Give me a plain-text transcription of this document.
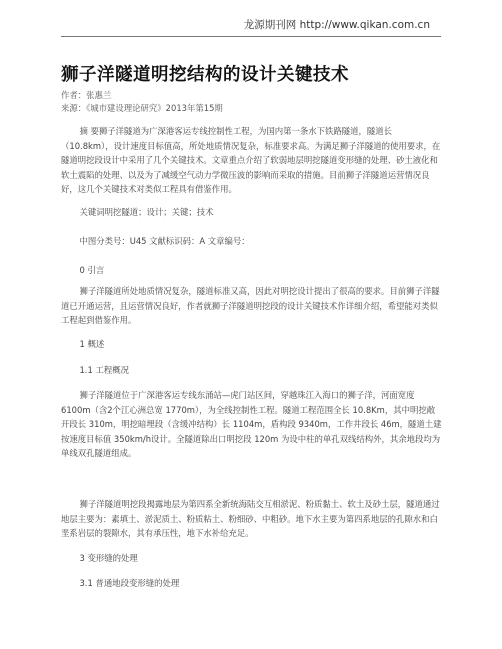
龙源期刊网 http://www.qikan.com.cn
狮子洋隧道明挖结构的设计关键技术

作者：张惠兰

来源：《城市建设理论研究》2013年第15期

摘 要狮子洋隧道为广深港客运专线控制性工程，为国内第一条水下铁路隧道，隧道长（10.8km），设计速度目标值高，所处地质情况复杂，标准要求高。为满足狮子洋隧道的使用要求，在隧道明挖段设计中采用了几个关键技术。文章重点介绍了软弱地层明挖隧道变形缝的处理、砂土液化和软土震陷的处理、以及为了减缓空气动力学微压波的影响而采取的措施。目前狮子洋隧道运营情况良好，这几个关键技术对类似工程具有借鉴作用。

关键词明挖隧道；设计；关键；技术

中图分类号：U45 文献标识码：A 文章编号：

0 引言

狮子洋隧道所处地质情况复杂，隧道标准又高，因此对明挖设计提出了很高的要求。目前狮子洋隧道已开通运营，且运营情况良好，作者就狮子洋隧道明挖段的设计关键技术作详细介绍，希望能对类似工程起到借鉴作用。

1 概述

1.1 工程概况

狮子洋隧道位于广深港客运专线东涌站—虎门站区间，穿越珠江入海口的狮子洋，河面宽度 6100m（含2个江心洲总宽 1770m），为全线控制性工程。隧道工程范围全长 10.8Km，其中明挖敞开段长 310m，明挖暗埋段（含缓冲结构）长 1104m，盾构段 9340m，工作井段长 46m，隧道土建按速度目标值 350km/h设计。全隧道除出口明挖段 120m 为设中柱的单孔双线结构外，其余地段均为单线双孔隧道组成。

狮子洋隧道明挖段揭露地层为第四系全新统海陆交互相淤泥、粉质黏土、软土及砂土层，隧道通过地层主要为：素填土、淤泥质土、粉质粘土、粉细砂、中粗砂。地下水主要为第四系地层的孔隙水和白垩系岩层的裂隙水，其有承压性，地下水补给充足。

3 变形缝的处理

3.1 普通地段变形缝的处理
